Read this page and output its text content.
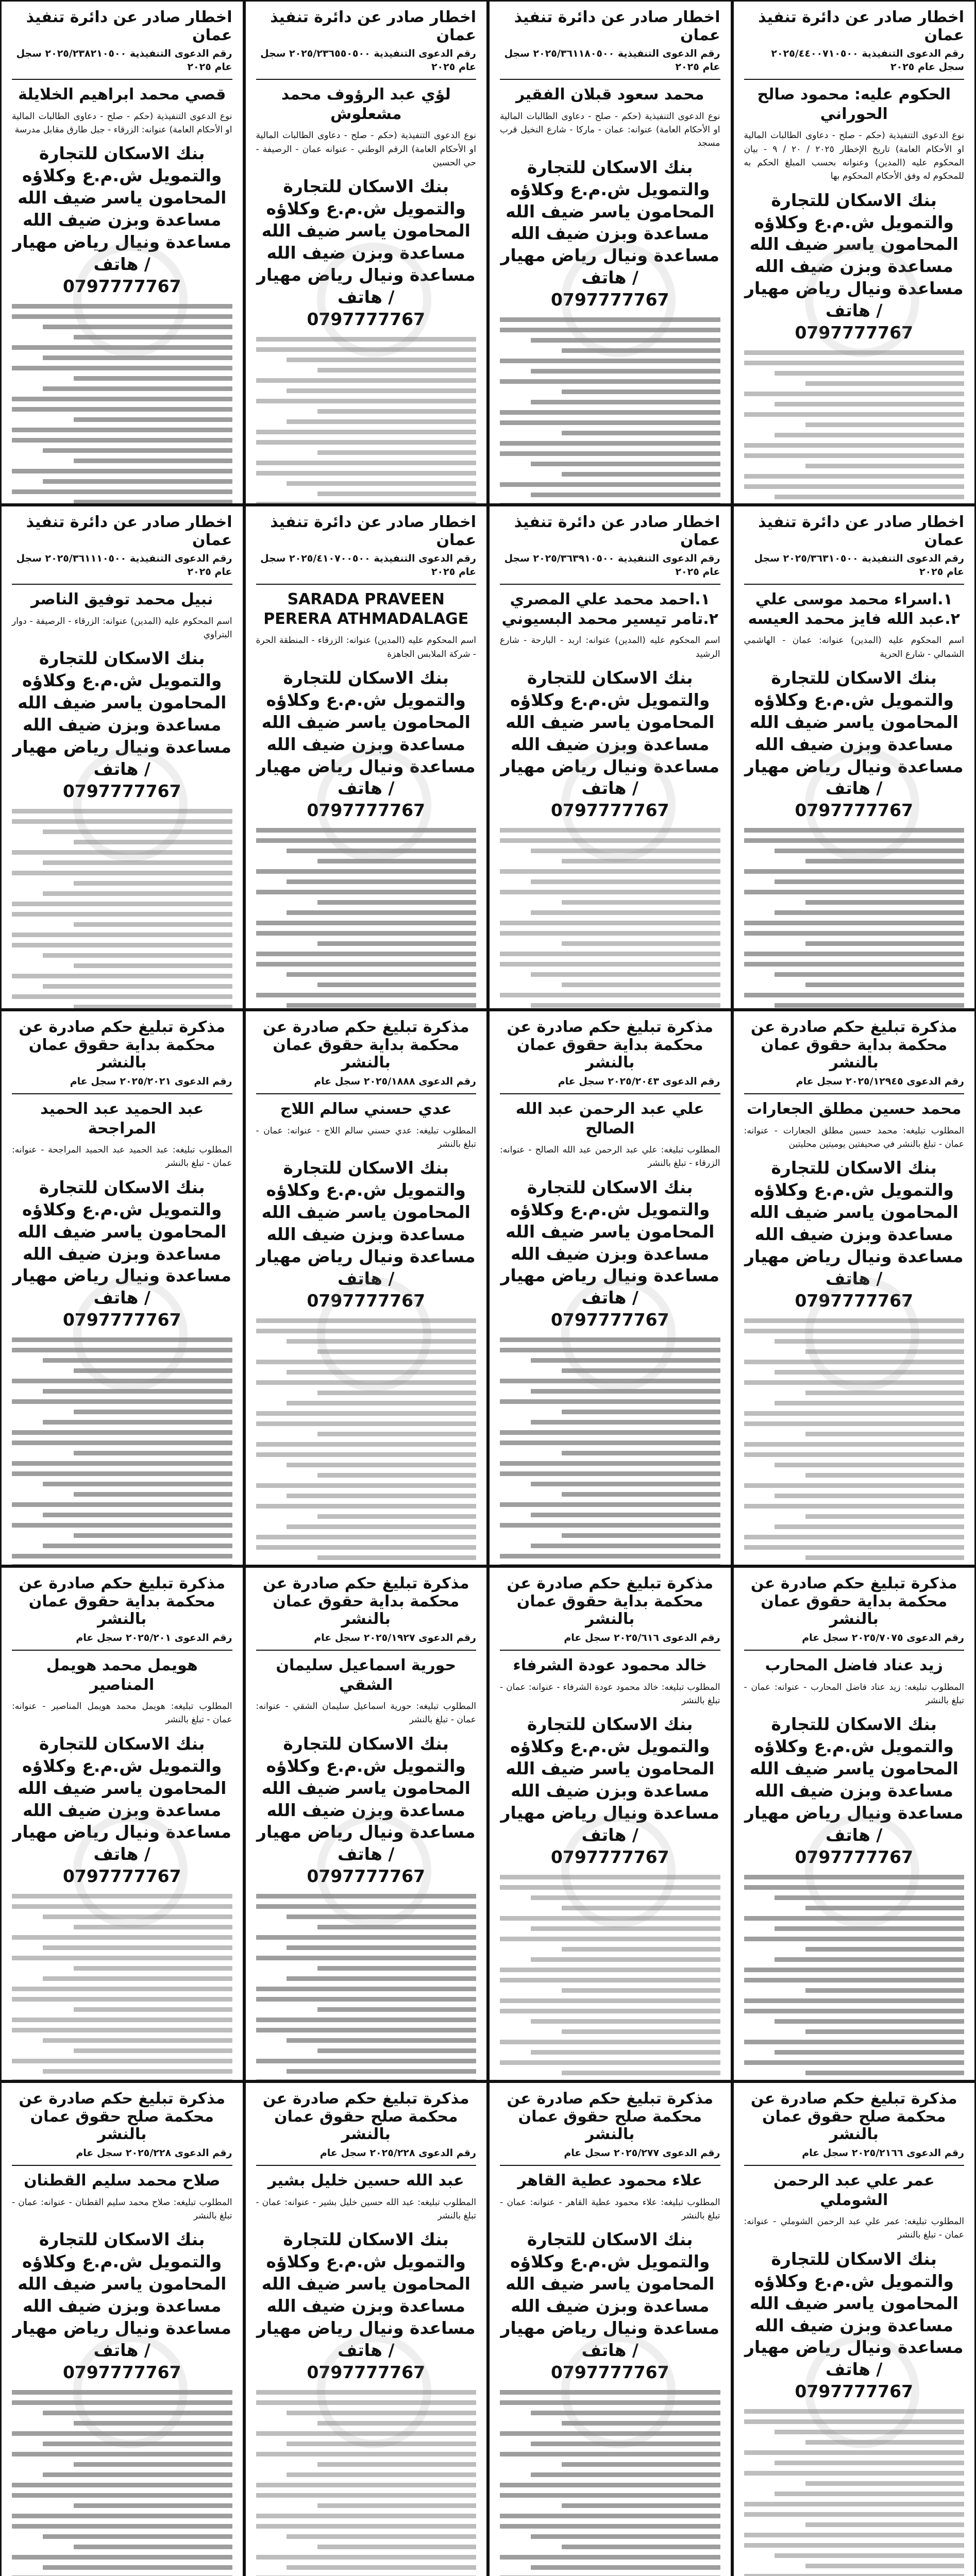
اخطار صادر عن دائرة تنفيذ عمان
رقم الدعوى التنفيذية ٢٠٢٥/٤٤٠٠٧١٠٥٠٠ سجل عام ٢٠٢٥
الحكوم عليه: محمود صالح الحوراني
نوع الدعوى التنفيذية (حكم - صلح - دعاوى الطالبات المالية او الأحكام العامة) تاريخ الإخطار ٢٠٢٥ / ٢٠ / ٩ - بيان المحكوم عليه (المدين) وعنوانه بحسب المبلغ الحكم به للمحكوم له وفق الأحكام المحكوم بها
بنك الاسكان للتجارة والتمويل ش.م.ع وكلاؤه المحامون ياسر ضيف الله مساعدة وبزن ضيف الله مساعدة ونيال رياض مهيار / هاتف
0797777767
اخطار صادر عن دائرة تنفيذ عمان
رقم الدعوى التنفيذية ٢٠٢٥/٣٦١١٨٠٥٠٠ سجل عام ٢٠٢٥
محمد سعود قبلان الفقير
نوع الدعوى التنفيذية (حكم - صلح - دعاوى الطالبات المالية او الأحكام العامة) عنوانه: عمان - ماركا - شارع النخيل قرب مسجد
بنك الاسكان للتجارة والتمويل ش.م.ع وكلاؤه المحامون ياسر ضيف الله مساعدة وبزن ضيف الله مساعدة ونيال رياض مهيار / هاتف
0797777767
اخطار صادر عن دائرة تنفيذ عمان
رقم الدعوى التنفيذية ٢٠٢٥/٢٣٦٥٥٠٥٠٠ سجل عام ٢٠٢٥
لؤي عبد الرؤوف محمد مشعلوش
نوع الدعوى التنفيذية (حكم - صلح - دعاوى الطالبات المالية او الأحكام العامة) الرقم الوطني - عنوانه عمان - الرصيفة - حي الحسين
بنك الاسكان للتجارة والتمويل ش.م.ع وكلاؤه المحامون ياسر ضيف الله مساعدة وبزن ضيف الله مساعدة ونيال رياض مهيار / هاتف
0797777767
اخطار صادر عن دائرة تنفيذ عمان
رقم الدعوى التنفيذية ٢٠٢٥/٢٣٨٢١٠٥٠٠ سجل عام ٢٠٢٥
قصي محمد ابراهيم الخلايلة
نوع الدعوى التنفيذية (حكم - صلح - دعاوى الطالبات المالية او الأحكام العامة) عنوانه: الزرقاء - جبل طارق مقابل مدرسة
بنك الاسكان للتجارة والتمويل ش.م.ع وكلاؤه المحامون ياسر ضيف الله مساعدة وبزن ضيف الله مساعدة ونيال رياض مهيار / هاتف
0797777767
اخطار صادر عن دائرة تنفيذ عمان
رقم الدعوى التنفيذية ٢٠٢٥/٣٦٣١٠٥٠٠ سجل عام ٢٠٢٥
١.اسراء محمد موسى علي ٢.عبد الله فايز محمد العيسه
اسم المحكوم عليه (المدين) عنوانه: عمان - الهاشمي الشمالي - شارع الحرية
بنك الاسكان للتجارة والتمويل ش.م.ع وكلاؤه المحامون ياسر ضيف الله مساعدة وبزن ضيف الله مساعدة ونيال رياض مهيار / هاتف
0797777767
اخطار صادر عن دائرة تنفيذ عمان
رقم الدعوى التنفيذية ٢٠٢٥/٣٦٣٩١٠٥٠٠ سجل عام ٢٠٢٥
١.احمد محمد علي المصري ٢.تامر تيسير محمد البسيوني
اسم المحكوم عليه (المدين) عنوانه: اربد - البارحة - شارع الرشيد
بنك الاسكان للتجارة والتمويل ش.م.ع وكلاؤه المحامون ياسر ضيف الله مساعدة وبزن ضيف الله مساعدة ونيال رياض مهيار / هاتف
0797777767
اخطار صادر عن دائرة تنفيذ عمان
رقم الدعوى التنفيذية ٢٠٢٥/٤١٠٧٠٠٥٠٠ سجل عام ٢٠٢٥
SARADA PRAVEEN PERERA ATHMADALAGE
اسم المحكوم عليه (المدين) عنوانه: الزرقاء - المنطقة الحرة - شركة الملابس الجاهزة
بنك الاسكان للتجارة والتمويل ش.م.ع وكلاؤه المحامون ياسر ضيف الله مساعدة وبزن ضيف الله مساعدة ونيال رياض مهيار / هاتف
0797777767
اخطار صادر عن دائرة تنفيذ عمان
رقم الدعوى التنفيذية ٢٠٢٥/٣٦١١١٠٥٠٠ سجل عام ٢٠٢٥
نبيل محمد توفيق الناصر
اسم المحكوم عليه (المدين) عنوانه: الزرقاء - الرصيفة - دوار البتراوي
بنك الاسكان للتجارة والتمويل ش.م.ع وكلاؤه المحامون ياسر ضيف الله مساعدة وبزن ضيف الله مساعدة ونيال رياض مهيار / هاتف
0797777767
مذكرة تبليغ حكم صادرة عن محكمة بداية حقوق عمان بالنشر
رقم الدعوى ٢٠٢٥/١٢٩٤٥ سجل عام
محمد حسين مطلق الجعارات
المطلوب تبليغه: محمد حسين مطلق الجعارات - عنوانه: عمان - تبلغ بالنشر في صحيفتين يوميتين محليتين
بنك الاسكان للتجارة والتمويل ش.م.ع وكلاؤه المحامون ياسر ضيف الله مساعدة وبزن ضيف الله مساعدة ونيال رياض مهيار / هاتف
0797777767
مذكرة تبليغ حكم صادرة عن محكمة بداية حقوق عمان بالنشر
رقم الدعوى ٢٠٢٥/٢٠٤٣ سجل عام
علي عبد الرحمن عبد الله الصالح
المطلوب تبليغه: علي عبد الرحمن عبد الله الصالح - عنوانه: الزرقاء - تبلغ بالنشر
بنك الاسكان للتجارة والتمويل ش.م.ع وكلاؤه المحامون ياسر ضيف الله مساعدة وبزن ضيف الله مساعدة ونيال رياض مهيار / هاتف
0797777767
مذكرة تبليغ حكم صادرة عن محكمة بداية حقوق عمان بالنشر
رقم الدعوى ٢٠٢٥/١٨٨٨ سجل عام
عدي حسني سالم اللاج
المطلوب تبليغه: عدي حسني سالم اللاج - عنوانه: عمان - تبلغ بالنشر
بنك الاسكان للتجارة والتمويل ش.م.ع وكلاؤه المحامون ياسر ضيف الله مساعدة وبزن ضيف الله مساعدة ونيال رياض مهيار / هاتف
0797777767
مذكرة تبليغ حكم صادرة عن محكمة بداية حقوق عمان بالنشر
رقم الدعوى ٢٠٢٥/٢٠٢١ سجل عام
عبد الحميد عبد الحميد المراجحة
المطلوب تبليغه: عبد الحميد عبد الحميد المراجحة - عنوانه: عمان - تبلغ بالنشر
بنك الاسكان للتجارة والتمويل ش.م.ع وكلاؤه المحامون ياسر ضيف الله مساعدة وبزن ضيف الله مساعدة ونيال رياض مهيار / هاتف
0797777767
مذكرة تبليغ حكم صادرة عن محكمة بداية حقوق عمان بالنشر
رقم الدعوى ٢٠٢٥/٧٠٧٥ سجل عام
زيد عناد فاضل المحارب
المطلوب تبليغه: زيد عناد فاضل المحارب - عنوانه: عمان - تبلغ بالنشر
بنك الاسكان للتجارة والتمويل ش.م.ع وكلاؤه المحامون ياسر ضيف الله مساعدة وبزن ضيف الله مساعدة ونيال رياض مهيار / هاتف
0797777767
مذكرة تبليغ حكم صادرة عن محكمة بداية حقوق عمان بالنشر
رقم الدعوى ٢٠٢٥/٦١٦ سجل عام
خالد محمود عودة الشرفاء
المطلوب تبليغه: خالد محمود عودة الشرفاء - عنوانه: عمان - تبلغ بالنشر
بنك الاسكان للتجارة والتمويل ش.م.ع وكلاؤه المحامون ياسر ضيف الله مساعدة وبزن ضيف الله مساعدة ونيال رياض مهيار / هاتف
0797777767
مذكرة تبليغ حكم صادرة عن محكمة بداية حقوق عمان بالنشر
رقم الدعوى ٢٠٢٥/١٩٢٧ سجل عام
حورية اسماعيل سليمان الشقي
المطلوب تبليغه: حورية اسماعيل سليمان الشقي - عنوانه: عمان - تبلغ بالنشر
بنك الاسكان للتجارة والتمويل ش.م.ع وكلاؤه المحامون ياسر ضيف الله مساعدة وبزن ضيف الله مساعدة ونيال رياض مهيار / هاتف
0797777767
مذكرة تبليغ حكم صادرة عن محكمة بداية حقوق عمان بالنشر
رقم الدعوى ٢٠٢٥/٢٠١ سجل عام
هويمل محمد هويمل المناصير
المطلوب تبليغه: هويمل محمد هويمل المناصير - عنوانه: عمان - تبلغ بالنشر
بنك الاسكان للتجارة والتمويل ش.م.ع وكلاؤه المحامون ياسر ضيف الله مساعدة وبزن ضيف الله مساعدة ونيال رياض مهيار / هاتف
0797777767
مذكرة تبليغ حكم صادرة عن محكمة صلح حقوق عمان بالنشر
رقم الدعوى ٢٠٢٥/٢١٦٦ سجل عام
عمر علي عبد الرحمن الشوملي
المطلوب تبليغه: عمر علي عبد الرحمن الشوملي - عنوانه: عمان - تبلغ بالنشر
بنك الاسكان للتجارة والتمويل ش.م.ع وكلاؤه المحامون ياسر ضيف الله مساعدة وبزن ضيف الله مساعدة ونيال رياض مهيار / هاتف
0797777767
مذكرة تبليغ حكم صادرة عن محكمة صلح حقوق عمان بالنشر
رقم الدعوى ٢٠٢٥/٢٧٧ سجل عام
علاء محمود عطية القاهر
المطلوب تبليغه: علاء محمود عطية القاهر - عنوانه: عمان - تبلغ بالنشر
بنك الاسكان للتجارة والتمويل ش.م.ع وكلاؤه المحامون ياسر ضيف الله مساعدة وبزن ضيف الله مساعدة ونيال رياض مهيار / هاتف
0797777767
مذكرة تبليغ حكم صادرة عن محكمة صلح حقوق عمان بالنشر
رقم الدعوى ٢٠٢٥/٢٢٨ سجل عام
عبد الله حسين خليل بشير
المطلوب تبليغه: عبد الله حسين خليل بشير - عنوانه: عمان - تبلغ بالنشر
بنك الاسكان للتجارة والتمويل ش.م.ع وكلاؤه المحامون ياسر ضيف الله مساعدة وبزن ضيف الله مساعدة ونيال رياض مهيار / هاتف
0797777767
مذكرة تبليغ حكم صادرة عن محكمة صلح حقوق عمان بالنشر
رقم الدعوى ٢٠٢٥/٢٢٨ سجل عام
صلاح محمد سليم القطنان
المطلوب تبليغه: صلاح محمد سليم القطنان - عنوانه: عمان - تبلغ بالنشر
بنك الاسكان للتجارة والتمويل ش.م.ع وكلاؤه المحامون ياسر ضيف الله مساعدة وبزن ضيف الله مساعدة ونيال رياض مهيار / هاتف
0797777767
